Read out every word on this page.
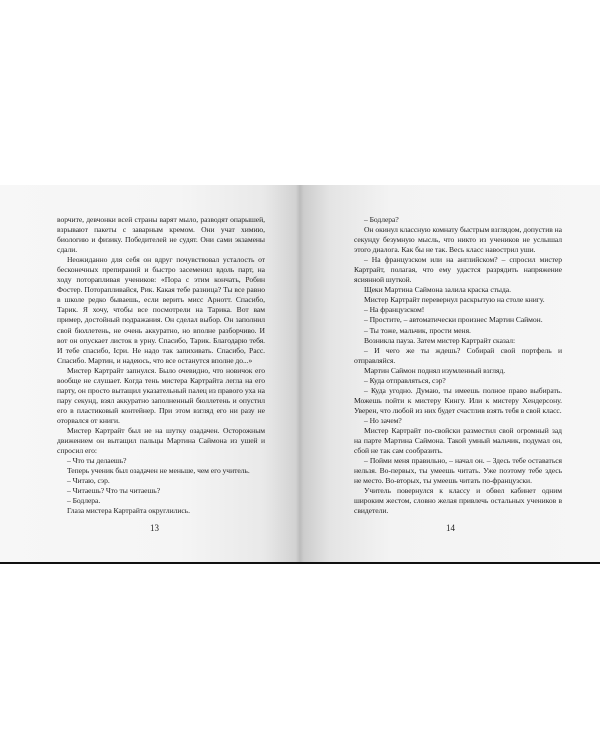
ворчите, девчонки всей страны варят мыло, разводят опарышей, взрывают пакеты с заварным кремом. Они учат химию, биологию и физику. Победителей не судят. Они сами экзамены сдали.

Неожиданно для себя он вдруг почувствовал усталость от бесконечных препираний и быстро засеменил вдоль парт, на ходу поторапливая учеников: «Пора с этим кончать, Робин Фостер. Поторапливайся, Рик. Какая тебе разница? Ты все равно в школе редко бываешь, если верить мисс Арнотт. Спасибо, Тарик. Я хочу, чтобы все посмотрели на Тарика. Вот вам пример, достойный подражания. Он сделал выбор. Он заполнил свой бюллетень, не очень аккуратно, но вполне разборчиво. И вот он опускает листок в урну. Спасибо, Тарик. Благодарю тебя. И тебе спасибо, Ісри. Не надо так запихивать. Спасибо, Расс. Спасибо. Мартин, и надеюсь, что все останутся вполне до...»

Мистер Картрайт запнулся. Было очевидно, что новичок его вообще не слушает. Когда тень мистера Картрайта легла на его парту, он просто вытащил указательный палец из правого уха на пару секунд, взял аккуратно заполненный бюллетень и опустил его в пластиковый контейнер. При этом взгляд его ни разу не оторвался от книги.

Мистер Картрайт был не на шутку озадачен. Осторожным движением он вытащил пальцы Мартина Саймона из ушей и спросил его:

– Что ты делаешь?

Теперь ученик был озадачен не меньше, чем его учитель.

– Читаю, сэр.

– Читаешь? Что ты читаешь?

– Бодлера.

Глаза мистера Картрайта округлились.

13

– Бодлера?

Он окинул классную комнату быстрым взглядом, допустив на секунду безумную мысль, что никто из учеников не услышал этого диалога. Как бы не так. Весь класс навострил уши.

– На французском или на английском? – спросил мистер Картрайт, полагая, что ему удастся разрядить напряжение ясиянной шуткой.

Щеки Мартина Саймона залила краска стыда.

Мистер Картрайт перевернул раскрытую на столе книгу.

– На французском!

– Простите, – автоматически произнес Мартин Саймон.

– Ты тоже, мальчик, прости меня.

Возникла пауза. Затем мистер Картрайт сказал:

– И чего же ты ждешь? Собирай свой портфель и отправляйся.

Мартин Саймон поднял изумленный взгляд.

– Куда отправляться, сэр?

– Куда угодно. Думаю, ты имеешь полное право выбирать. Можешь пойти к мистеру Кингу. Или к мистеру Хендерсону. Уверен, что любой из них будет счастлив взять тебя в свой класс.

– Но зачем?

Мистер Картрайт по-свойски разместил свой огромный зад на парте Мартина Саймона. Такой умный мальчик, подумал он, сбой не так сам сообразить.

– Пойми меня правильно, – начал он. – Здесь тебе оставаться нельзя. Во-первых, ты умеешь читать. Уже поэтому тебе здесь не место. Во-вторых, ты умеешь читать по-французски.

Учитель повернулся к классу и обвел кабинет одним широким жестом, словно желая привлечь остальных учеников в свидетели.

14
